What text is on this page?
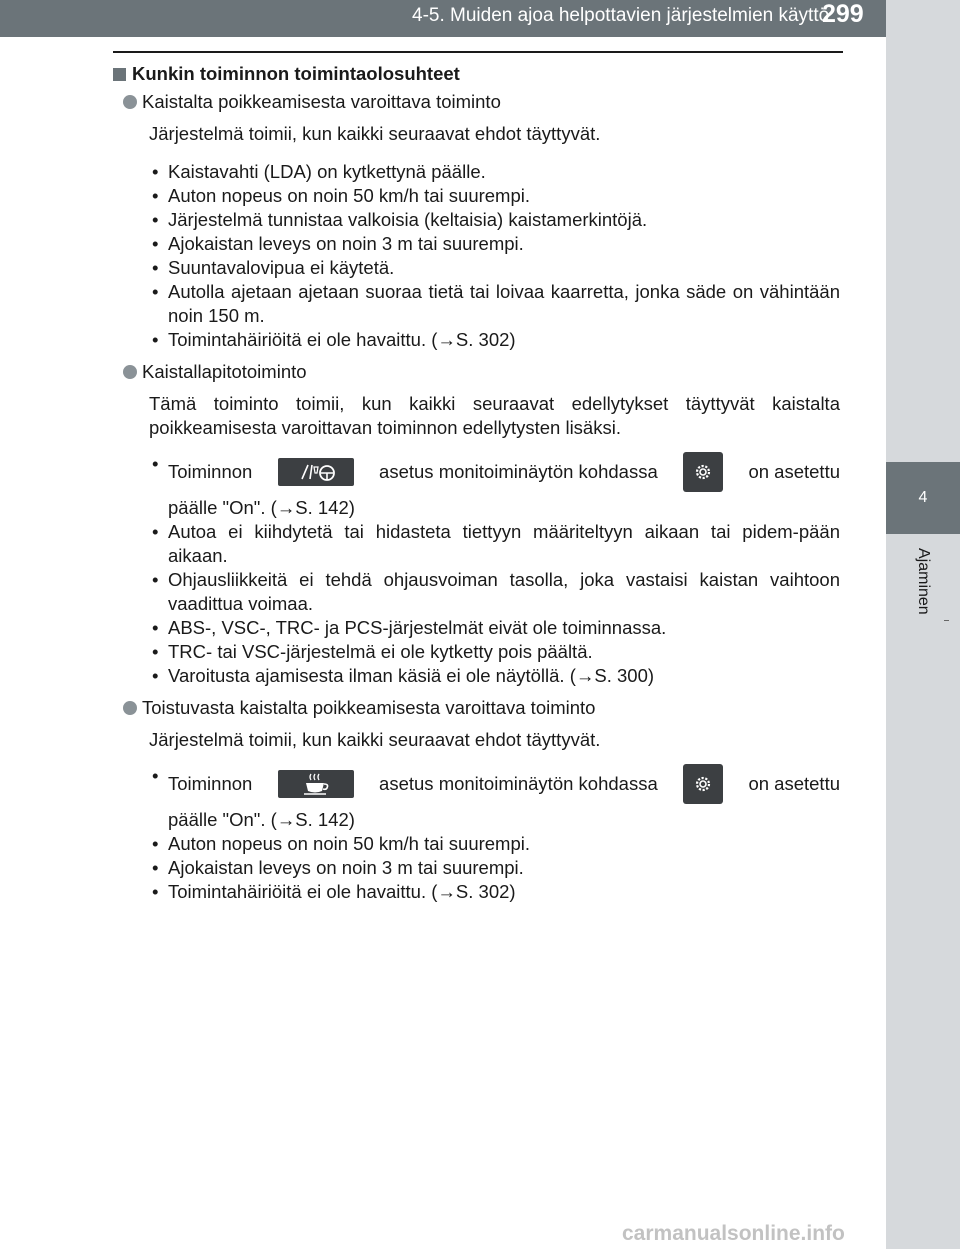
4-5. Muiden ajoa helpottavien järjestelmien käyttö
299
4
Ajaminen
Kunkin toiminnon toimintaolosuhteet
Kaistalta poikkeamisesta varoittava toiminto
Järjestelmä toimii, kun kaikki seuraavat ehdot täyttyvät.
• Kaistavahti (LDA) on kytkettynä päälle.
• Auton nopeus on noin 50 km/h tai suurempi.
• Järjestelmä tunnistaa valkoisia (keltaisia) kaistamerkintöjä.
• Ajokaistan leveys on noin 3 m tai suurempi.
• Suuntavalovipua ei käytetä.
• Autolla ajetaan ajetaan suoraa tietä tai loivaa kaarretta, jonka säde on vähintään noin 150 m.
• Toimintahäiriöitä ei ole havaittu. (→S. 302)
Kaistallapitotoiminto
Tämä toiminto toimii, kun kaikki seuraavat edellytykset täyttyvät kaistalta poikkeamisesta varoittavan toiminnon edellytysten lisäksi.
• Toiminnon	asetus monitoiminäytön kohdassa	on asetettu
päälle "On". (→S. 142)
• Autoa ei kiihdytetä tai hidasteta tiettyyn määriteltyyn aikaan tai pidem-pään aikaan.
• Ohjausliikkeitä ei tehdä ohjausvoiman tasolla, joka vastaisi kaistan vaihtoon vaadittua voimaa.
• ABS-, VSC-, TRC- ja PCS-järjestelmät eivät ole toiminnassa.
• TRC- tai VSC-järjestelmä ei ole kytketty pois päältä.
• Varoitusta ajamisesta ilman käsiä ei ole näytöllä. (→S. 300)
Toistuvasta kaistalta poikkeamisesta varoittava toiminto
Järjestelmä toimii, kun kaikki seuraavat ehdot täyttyvät.
• Toiminnon	asetus monitoiminäytön kohdassa	on asetettu
päälle "On". (→S. 142)
• Auton nopeus on noin 50 km/h tai suurempi.
• Ajokaistan leveys on noin 3 m tai suurempi.
• Toimintahäiriöitä ei ole havaittu. (→S. 302)
carmanualsonline.info
